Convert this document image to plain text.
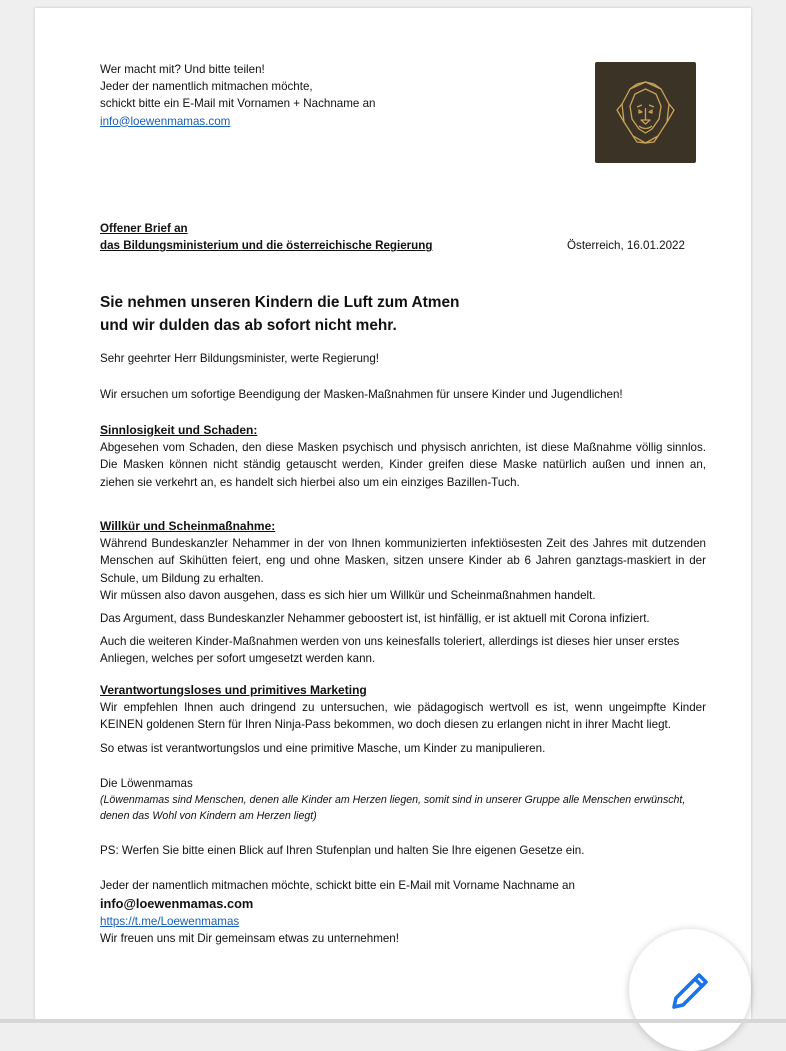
Wer macht mit? Und bitte teilen!
Jeder der namentlich mitmachen möchte,
schickt bitte ein E-Mail mit Vornamen + Nachname an
info@loewenmamas.com
Offener Brief an
das Bildungsministerium und die österreichische Regierung	Österreich, 16.01.2022
Sie nehmen unseren Kindern die Luft zum Atmen
und wir dulden das ab sofort nicht mehr.
Sehr geehrter Herr Bildungsminister, werte Regierung!
Wir ersuchen um sofortige Beendigung der Masken-Maßnahmen für unsere Kinder und Jugendlichen!
Sinnlosigkeit und Schaden:

Abgesehen vom Schaden, den diese Masken psychisch und physisch anrichten, ist diese Maßnahme völlig sinnlos. Die Masken können nicht ständig getauscht werden, Kinder greifen diese Maske natürlich außen und innen an, ziehen sie verkehrt an, es handelt sich hierbei also um ein einziges Bazillen-Tuch.

Willkür und Scheinmaßnahme:

Während Bundeskanzler Nehammer in der von Ihnen kommunizierten infektiösesten Zeit des Jahres mit dutzenden Menschen auf Skihütten feiert, eng und ohne Masken, sitzen unsere Kinder ab 6 Jahren ganztags-maskiert in der Schule, um Bildung zu erhalten.

Wir müssen also davon ausgehen, dass es sich hier um Willkür und Scheinmaßnahmen handelt.

Das Argument, dass Bundeskanzler Nehammer geboostert ist, ist hinfällig, er ist aktuell mit Corona infiziert.

Auch die weiteren Kinder-Maßnahmen werden von uns keinesfalls toleriert, allerdings ist dieses hier unser erstes Anliegen, welches per sofort umgesetzt werden kann.

Verantwortungsloses und primitives Marketing

Wir empfehlen Ihnen auch dringend zu untersuchen, wie pädagogisch wertvoll es ist, wenn ungeimpfte Kinder KEINEN goldenen Stern für Ihren Ninja-Pass bekommen, wo doch diesen zu erlangen nicht in ihrer Macht liegt.

So etwas ist verantwortungslos und eine primitive Masche, um Kinder zu manipulieren.

Die Löwenmamas
(Löwenmamas sind Menschen, denen alle Kinder am Herzen liegen, somit sind in unserer Gruppe alle Menschen erwünscht, denen das Wohl von Kindern am Herzen liegt)
PS: Werfen Sie bitte einen Blick auf Ihren Stufenplan und halten Sie Ihre eigenen Gesetze ein.
Jeder der namentlich mitmachen möchte, schickt bitte ein E-Mail mit Vorname Nachname an
info@loewenmamas.com
https://t.me/Loewenmamas
Wir freuen uns mit Dir gemeinsam etwas zu unternehmen!
